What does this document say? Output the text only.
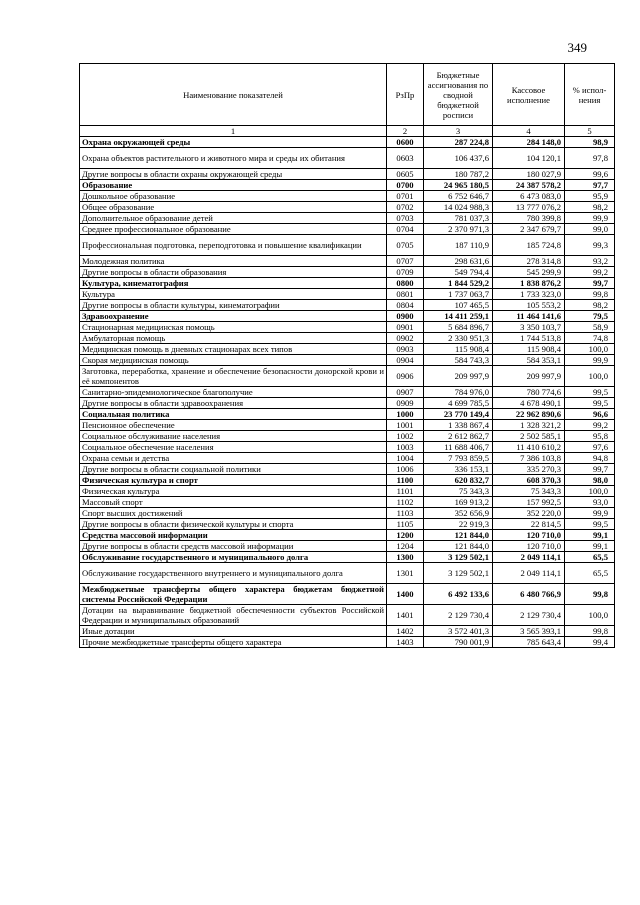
349
Наименование показателей	РзПр	Бюджетные ассигнования по сводной бюджетной росписи	Кассовое исполнение	% испол- нения
1	2	3	4	5
Охрана окружающей среды	0600	287 224,8	284 148,0	98,9
Охрана объектов растительного и животного мира и среды их обитания	0603	106 437,6	104 120,1	97,8
Другие вопросы в области охраны окружающей среды	0605	180 787,2	180 027,9	99,6
Образование	0700	24 965 180,5	24 387 578,2	97,7
Дошкольное образование	0701	6 752 646,7	6 473 083,0	95,9
Общее образование	0702	14 024 988,3	13 777 076,2	98,2
Дополнительное образование детей	0703	781 037,3	780 399,8	99,9
Среднее профессиональное образование	0704	2 370 971,3	2 347 679,7	99,0
Профессиональная подготовка, переподготовка и повышение квалификации	0705	187 110,9	185 724,8	99,3
Молодежная политика	0707	298 631,6	278 314,8	93,2
Другие вопросы в области образования	0709	549 794,4	545 299,9	99,2
Культура, кинематография	0800	1 844 529,2	1 838 876,2	99,7
Культура	0801	1 737 063,7	1 733 323,0	99,8
Другие вопросы в области культуры, кинематографии	0804	107 465,5	105 553,2	98,2
Здравоохранение	0900	14 411 259,1	11 464 141,6	79,5
Стационарная медицинская помощь	0901	5 684 896,7	3 350 103,7	58,9
Амбулаторная помощь	0902	2 330 951,3	1 744 513,8	74,8
Медицинская помощь в дневных стационарах всех типов	0903	115 908,4	115 908,4	100,0
Скорая медицинская помощь	0904	584 743,3	584 353,1	99,9
Заготовка, переработка, хранение и обеспечение безопасности донорской крови и её компонентов	0906	209 997,9	209 997,9	100,0
Санитарно-эпидемиологическое благополучие	0907	784 976,0	780 774,6	99,5
Другие вопросы в области здравоохранения	0909	4 699 785,5	4 678 490,1	99,5
Социальная политика	1000	23 770 149,4	22 962 890,6	96,6
Пенсионное обеспечение	1001	1 338 867,4	1 328 321,2	99,2
Социальное обслуживание населения	1002	2 612 862,7	2 502 585,1	95,8
Социальное обеспечение населения	1003	11 688 406,7	11 410 610,2	97,6
Охрана семьи и детства	1004	7 793 859,5	7 386 103,8	94,8
Другие вопросы в области социальной политики	1006	336 153,1	335 270,3	99,7
Физическая культура и спорт	1100	620 832,7	608 370,3	98,0
Физическая культура	1101	75 343,3	75 343,3	100,0
Массовый спорт	1102	169 913,2	157 992,5	93,0
Спорт высших достижений	1103	352 656,9	352 220,0	99,9
Другие вопросы в области физической культуры и спорта	1105	22 919,3	22 814,5	99,5
Средства массовой информации	1200	121 844,0	120 710,0	99,1
Другие вопросы в области средств массовой информации	1204	121 844,0	120 710,0	99,1
Обслуживание государственного и муниципального долга	1300	3 129 502,1	2 049 114,1	65,5
Обслуживание государственного внутреннего и муниципального долга	1301	3 129 502,1	2 049 114,1	65,5
Межбюджетные трансферты общего характера бюджетам бюджетной системы Российской Федерации	1400	6 492 133,6	6 480 766,9	99,8
Дотации на выравнивание бюджетной обеспеченности субъектов Российской Федерации и муниципальных образований	1401	2 129 730,4	2 129 730,4	100,0
Иные дотации	1402	3 572 401,3	3 565 393,1	99,8
Прочие межбюджетные трансферты общего характера	1403	790 001,9	785 643,4	99,4
